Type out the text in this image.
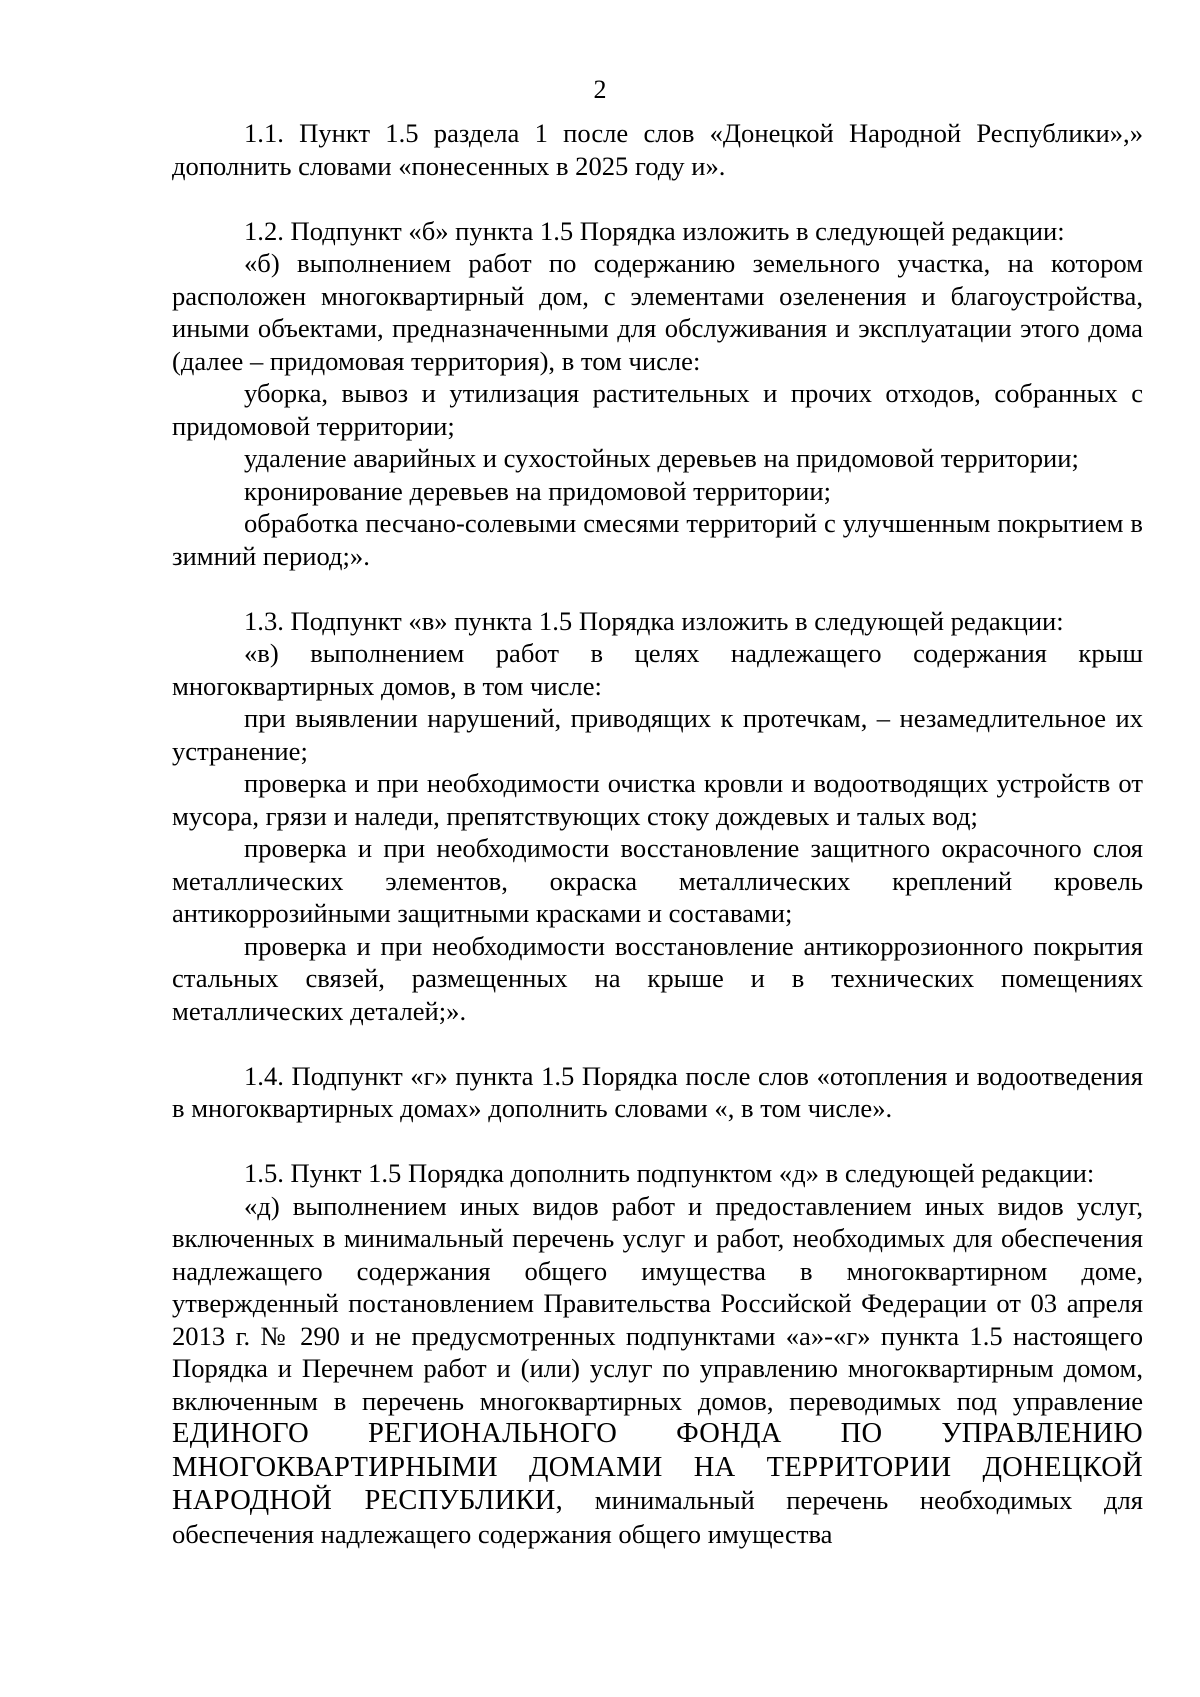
2

1.1. Пункт 1.5 раздела 1 после слов «Донецкой Народной Республики»,» дополнить словами «понесенных в 2025 году и».

1.2. Подпункт «б» пункта 1.5 Порядка изложить в следующей редакции:

«б) выполнением работ по содержанию земельного участка, на котором расположен многоквартирный дом, с элементами озеленения и благоустройства, иными объектами, предназначенными для обслуживания и эксплуатации этого дома (далее – придомовая территория), в том числе:

уборка, вывоз и утилизация растительных и прочих отходов, собранных с придомовой территории;

удаление аварийных и сухостойных деревьев на придомовой территории;

кронирование деревьев на придомовой территории;

обработка песчано-солевыми смесями территорий с улучшенным покрытием в зимний период;».

1.3. Подпункт «в» пункта 1.5 Порядка изложить в следующей редакции:

«в) выполнением работ в целях надлежащего содержания крыш многоквартирных домов, в том числе:

при выявлении нарушений, приводящих к протечкам, – незамедлительное их устранение;

проверка и при необходимости очистка кровли и водоотводящих устройств от мусора, грязи и наледи, препятствующих стоку дождевых и талых вод;

проверка и при необходимости восстановление защитного окрасочного слоя металлических элементов, окраска металлических креплений кровель антикоррозийными защитными красками и составами;

проверка и при необходимости восстановление антикоррозионного покрытия стальных связей, размещенных на крыше и в технических помещениях металлических деталей;».

1.4. Подпункт «г» пункта 1.5 Порядка после слов «отопления и водоотведения в многоквартирных домах» дополнить словами «, в том числе».

1.5. Пункт 1.5 Порядка дополнить подпунктом «д» в следующей редакции:

«д) выполнением иных видов работ и предоставлением иных видов услуг, включенных в минимальный перечень услуг и работ, необходимых для обеспечения надлежащего содержания общего имущества в многоквартирном доме, утвержденный постановлением Правительства Российской Федерации от 03 апреля 2013 г. № 290 и не предусмотренных подпунктами «а»-«г» пункта 1.5 настоящего Порядка и Перечнем работ и (или) услуг по управлению многоквартирным домом, включенным в перечень многоквартирных домов, переводимых под управление ЕДИНОГО РЕГИОНАЛЬНОГО ФОНДА ПО УПРАВЛЕНИЮ МНОГОКВАРТИРНЫМИ ДОМАМИ НА ТЕРРИТОРИИ ДОНЕЦКОЙ НАРОДНОЙ РЕСПУБЛИКИ, минимальный перечень необходимых для обеспечения надлежащего содержания общего имущества
